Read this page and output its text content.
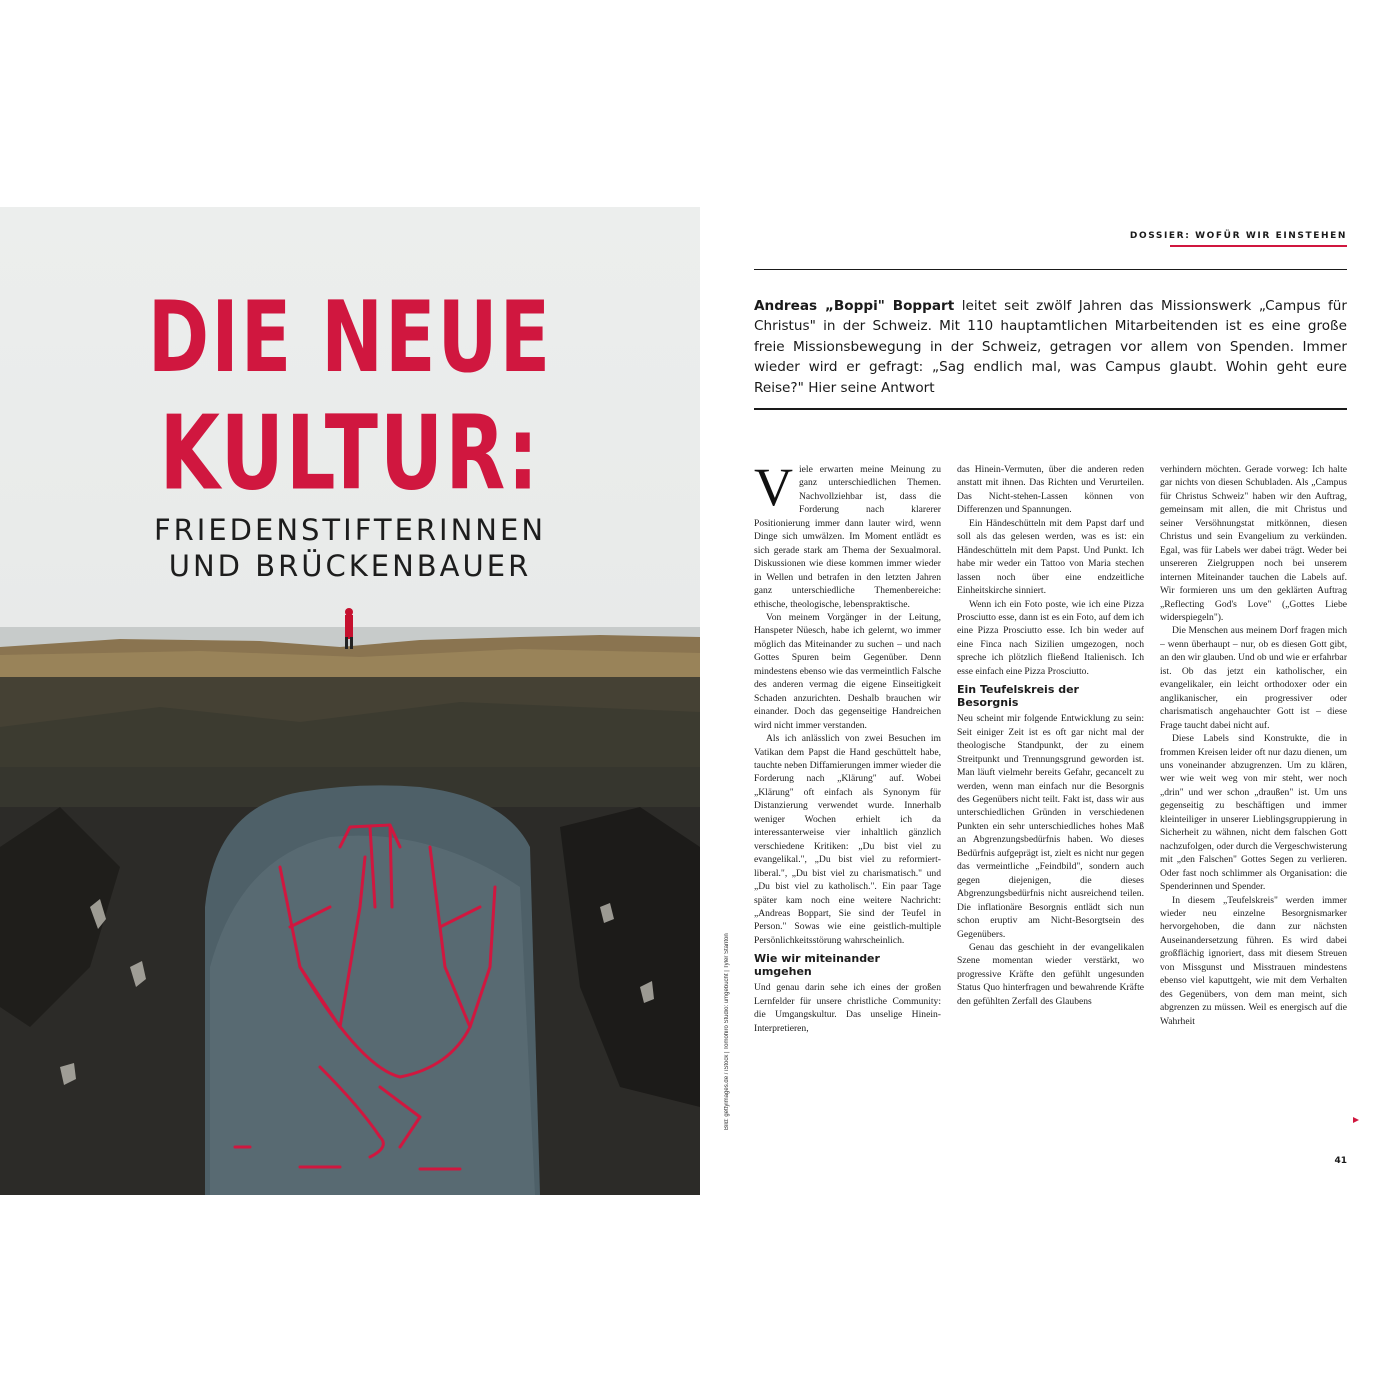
DIE NEUE
KULTUR:
FRIEDENSTIFTERINNEN
UND BRÜCKENBAUER
Bild: gettyimages.de / iStock | Tomohiro Studio: umgebucht | Tyler Stanton
DOSSIER: WOFÜR WIR EINSTEHEN
Andreas „Boppi" Boppart leitet seit zwölf Jahren das Missionswerk „Campus für Christus" in der Schweiz. Mit 110 hauptamtlichen Mitarbeitenden ist es eine große freie Missionsbewegung in der Schweiz, getragen vor allem von Spenden. Immer wieder wird er gefragt: „Sag endlich mal, was Campus glaubt. Wohin geht eure Reise?" Hier seine Antwort

Viele erwarten meine Meinung zu ganz unterschiedlichen Themen. Nachvollziehbar ist, dass die Forderung nach klarerer Positionierung immer dann lauter wird, wenn Dinge sich umwälzen. Im Moment entlädt es sich gerade stark am Thema der Sexualmoral. Diskussionen wie diese kommen immer wieder in Wellen und betrafen in den letzten Jahren ganz unterschiedliche Themenbereiche: ethische, theologische, lebenspraktische.

Von meinem Vorgänger in der Leitung, Hanspeter Nüesch, habe ich gelernt, wo immer möglich das Miteinander zu suchen – und nach Gottes Spuren beim Gegenüber. Denn mindestens ebenso wie das vermeintlich Falsche des anderen vermag die eigene Einseitigkeit Schaden anzurichten. Deshalb brauchen wir einander. Doch das gegenseitige Handreichen wird nicht immer verstanden.

Als ich anlässlich von zwei Besuchen im Vatikan dem Papst die Hand geschüttelt habe, tauchte neben Diffamierungen immer wieder die Forderung nach „Klärung" auf. Wobei „Klärung" oft einfach als Synonym für Distanzierung verwendet wurde. Innerhalb weniger Wochen erhielt ich da interessanterweise vier inhaltlich gänzlich verschiedene Kritiken: „Du bist viel zu evangelikal.", „Du bist viel zu reformiert-liberal.", „Du bist viel zu charismatisch." und „Du bist viel zu katholisch.". Ein paar Tage später kam noch eine weitere Nachricht: „Andreas Boppart, Sie sind der Teufel in Person." Sowas wie eine geistlich-multiple Persönlichkeitsstörung wahrscheinlich.

Wie wir miteinander umgehen

Und genau darin sehe ich eines der großen Lernfelder für unsere christliche Community: die Umgangskultur. Das unselige Hinein-Interpretieren,

das Hinein-Vermuten, über die anderen reden anstatt mit ihnen. Das Richten und Verurteilen. Das Nicht-stehen-Lassen können von Differenzen und Spannungen.

Ein Händeschütteln mit dem Papst darf und soll als das gelesen werden, was es ist: ein Händeschütteln mit dem Papst. Und Punkt. Ich habe mir weder ein Tattoo von Maria stechen lassen noch über eine endzeitliche Einheitskirche sinniert.

Wenn ich ein Foto poste, wie ich eine Pizza Prosciutto esse, dann ist es ein Foto, auf dem ich eine Pizza Prosciutto esse. Ich bin weder auf eine Finca nach Sizilien umgezogen, noch spreche ich plötzlich fließend Italienisch. Ich esse einfach eine Pizza Prosciutto.

Ein Teufelskreis der Besorgnis

Neu scheint mir folgende Entwicklung zu sein: Seit einiger Zeit ist es oft gar nicht mal der theologische Standpunkt, der zu einem Streitpunkt und Trennungsgrund geworden ist. Man läuft vielmehr bereits Gefahr, gecancelt zu werden, wenn man einfach nur die Besorgnis des Gegenübers nicht teilt. Fakt ist, dass wir aus unterschiedlichen Gründen in verschiedenen Punkten ein sehr unterschiedliches hohes Maß an Abgrenzungsbedürfnis haben. Wo dieses Bedürfnis aufgeprägt ist, zielt es nicht nur gegen das vermeintliche „Feindbild", sondern auch gegen diejenigen, die dieses Abgrenzungsbedürfnis nicht ausreichend teilen. Die inflationäre Besorgnis entlädt sich nun schon eruptiv am Nicht-Besorgtsein des Gegenübers.

Genau das geschieht in der evangelikalen Szene momentan wieder verstärkt, wo progressive Kräfte den gefühlt ungesunden Status Quo hinterfragen und bewahrende Kräfte den gefühlten Zerfall des Glaubens

verhindern möchten. Gerade vorweg: Ich halte gar nichts von diesen Schubladen. Als „Campus für Christus Schweiz" haben wir den Auftrag, gemeinsam mit allen, die mit Christus und seiner Versöhnungstat mitkönnen, diesen Christus und sein Evangelium zu verkünden. Egal, was für Labels wer dabei trägt. Weder bei unsereren Zielgruppen noch bei unserem internen Miteinander tauchen die Labels auf. Wir formieren uns um den geklärten Auftrag „Reflecting God's Love" („Gottes Liebe widerspiegeln").

Die Menschen aus meinem Dorf fragen mich – wenn überhaupt – nur, ob es diesen Gott gibt, an den wir glauben. Und ob und wie er erfahrbar ist. Ob das jetzt ein katholischer, ein evangelikaler, ein leicht orthodoxer oder ein anglikanischer, ein progressiver oder charismatisch angehauchter Gott ist – diese Frage taucht dabei nicht auf.

Diese Labels sind Konstrukte, die in frommen Kreisen leider oft nur dazu dienen, um uns voneinander abzugrenzen. Um zu klären, wer wie weit weg von mir steht, wer noch „drin" und wer schon „draußen" ist. Um uns gegenseitig zu beschäftigen und immer kleinteiliger in unserer Lieblingsgruppierung in Sicherheit zu wähnen, nicht dem falschen Gott nachzufolgen, oder durch die Vergeschwisterung mit „den Falschen" Gottes Segen zu verlieren. Oder fast noch schlimmer als Organisation: die Spenderinnen und Spender.

In diesem „Teufelskreis" werden immer wieder neu einzelne Besorgnismarker hervorgehoben, die dann zur nächsten Auseinandersetzung führen. Es wird dabei großflächig ignoriert, dass mit diesem Streuen von Missgunst und Misstrauen mindestens ebenso viel kaputtgeht, wie mit dem Verhalten des Gegenübers, von dem man meint, sich abgrenzen zu müssen. Weil es energisch auf die Wahrheit

41
